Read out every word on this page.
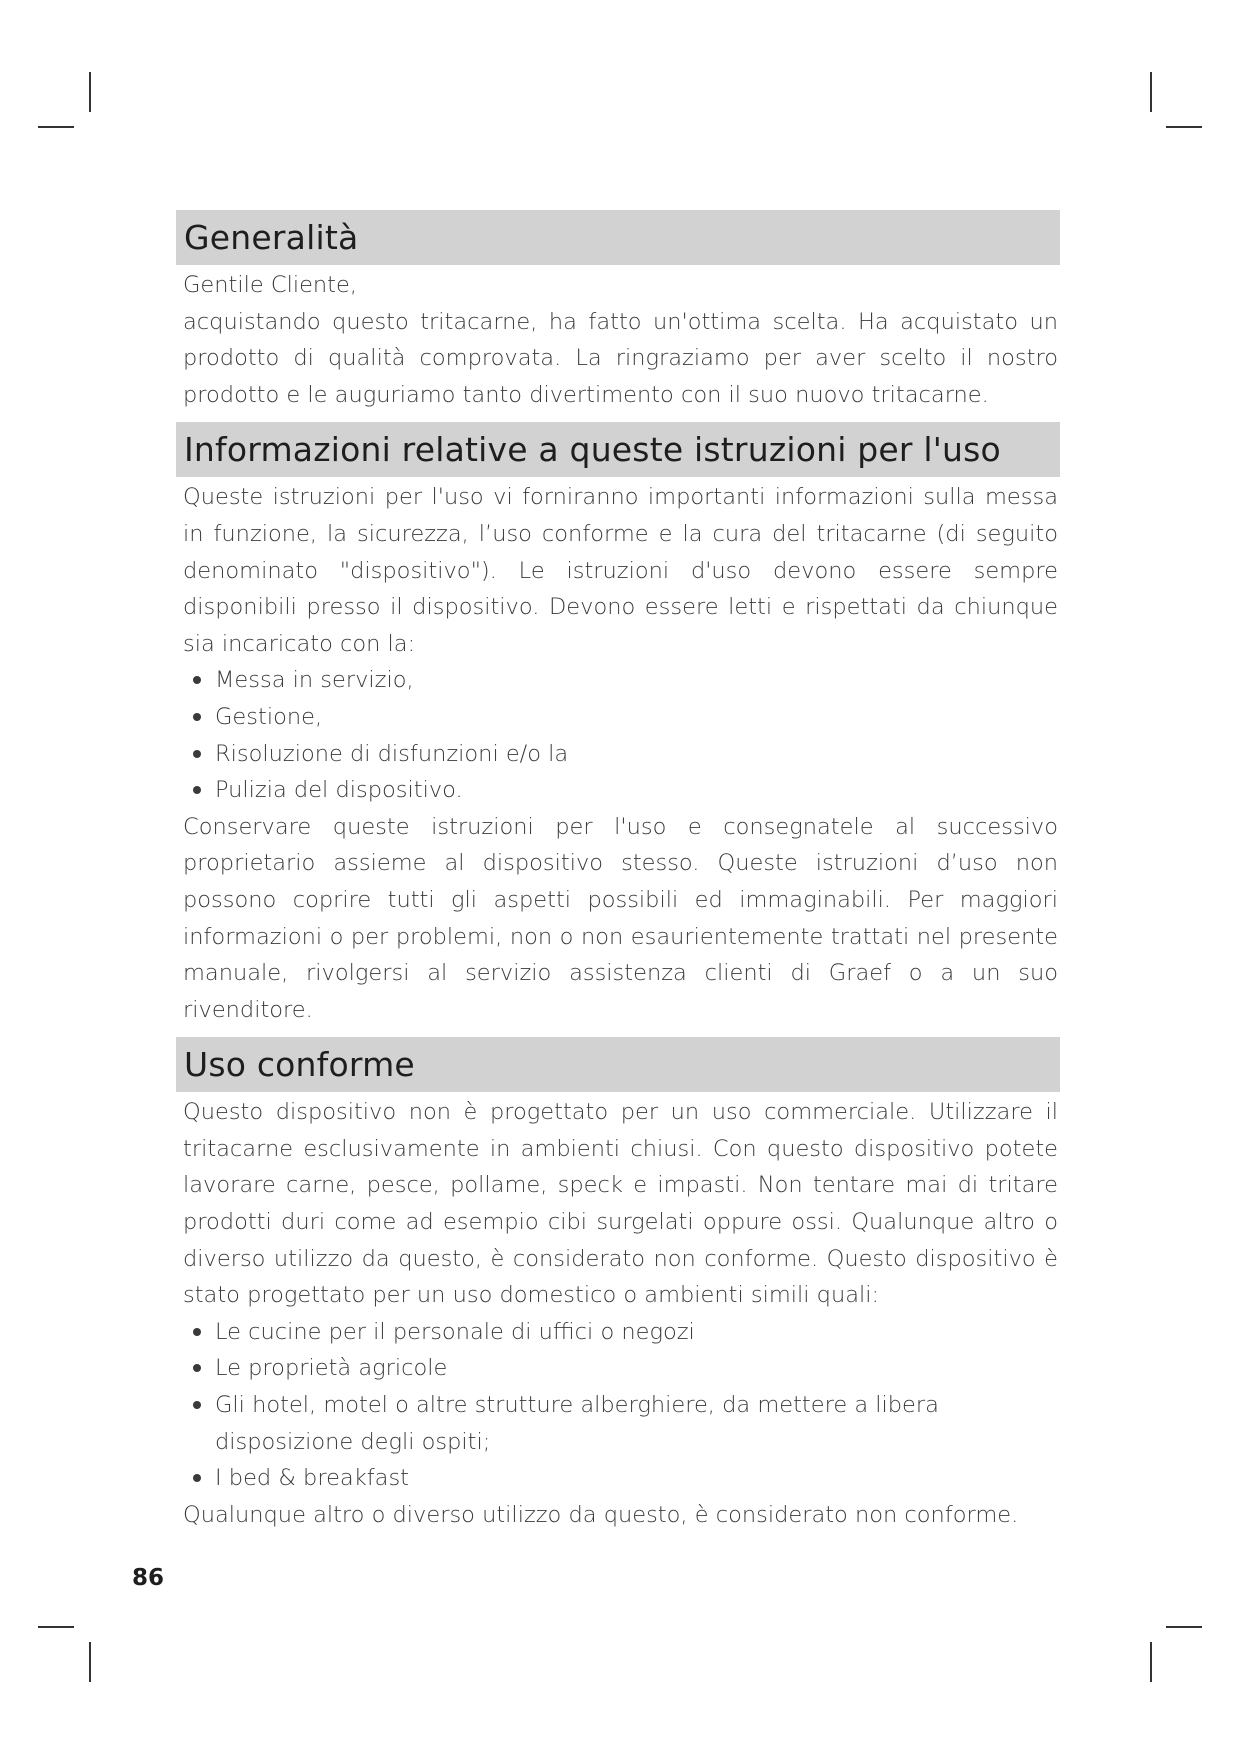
Generalità

Gentile Cliente,

acquistando questo tritacarne, ha fatto un'ottima scelta. Ha acquistato un prodotto di qualità comprovata. La ringraziamo per aver scelto il nostro prodotto e le auguriamo tanto divertimento con il suo nuovo tritacarne.

Informazioni relative a queste istruzioni per l'uso

Queste istruzioni per l'uso vi forniranno importanti informazioni sulla messa in funzione, la sicurezza, l’uso conforme e la cura del tritacarne (di seguito denominato "dispositivo"). Le istruzioni d'uso devono essere sempre disponibili presso il dispositivo. Devono essere letti e rispettati da chiunque sia incaricato con la:

Messa in servizio,
Gestione,
Risoluzione di disfunzioni e/o la
Pulizia del dispositivo.

Conservare queste istruzioni per l'uso e consegnatele al successivo proprietario assieme al dispositivo stesso. Queste istruzioni d’uso non possono coprire tutti gli aspetti possibili ed immaginabili. Per maggiori informazioni o per problemi, non o non esaurientemente trattati nel presente manuale, rivolgersi al servizio assistenza clienti di Graef o a un suo rivenditore.

Uso conforme

Questo dispositivo non è progettato per un uso commerciale. Utilizzare il tritacarne esclusivamente in ambienti chiusi. Con questo dispositivo potete lavorare carne, pesce, pollame, speck e impasti. Non tentare mai di tritare prodotti duri come ad esempio cibi surgelati oppure ossi. Qualunque altro o diverso utilizzo da questo, è considerato non conforme. Questo dispositivo è stato progettato per un uso domestico o ambienti simili quali:

Le cucine per il personale di uffici o negozi
Le proprietà agricole
Gli hotel, motel o altre strutture alberghiere, da mettere a libera disposizione degli ospiti;
I bed & breakfast

Qualunque altro o diverso utilizzo da questo, è considerato non conforme.

86
